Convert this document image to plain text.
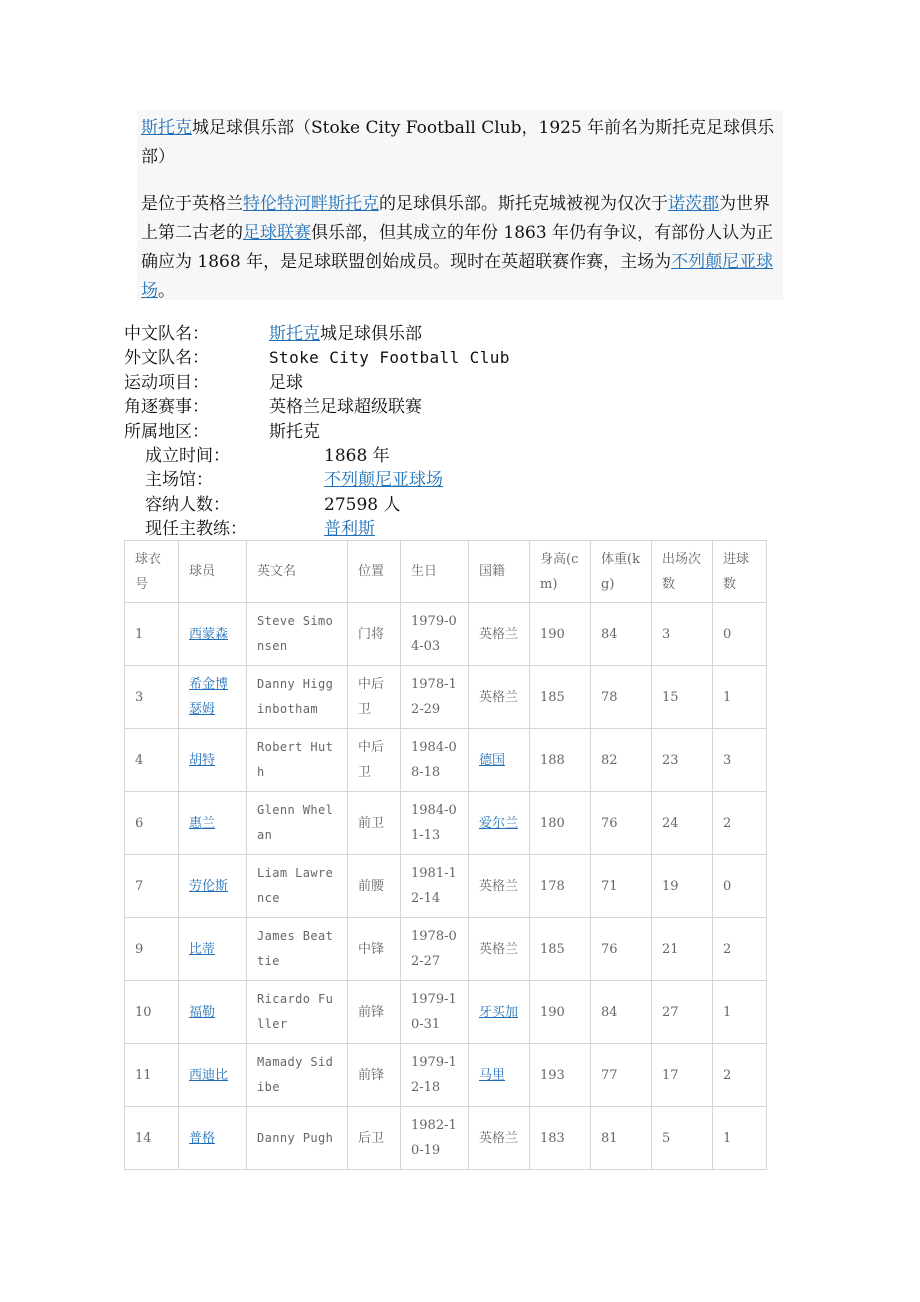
斯托克城足球俱乐部（Stoke City Football Club，1925 年前名为斯托克足球俱乐部）
是位于英格兰特伦特河畔斯托克的足球俱乐部。斯托克城被视为仅次于诺茨郡为世界上第二古老的足球联赛俱乐部，但其成立的年份 1863 年仍有争议，有部份人认为正确应为 1868 年，是足球联盟创始成员。现时在英超联赛作赛，主场为不列颠尼亚球场。
中文队名：	斯托克城足球俱乐部
外文队名：	Stoke City Football Club
运动项目：	足球
角逐赛事：	英格兰足球超级联赛
所属地区：	斯托克
成立时间：	1868 年
主场馆：	不列颠尼亚球场
容纳人数：	27598 人
现任主教练：	普利斯
球衣号	球员	英文名	位置	生日	国籍	身高(cm)	体重(kg)	出场次数	进球数
1	西蒙森	Steve Simonsen	门将	1979-04-03	英格兰	190	84	3	0
3	希金博瑟姆	Danny Higginbotham	中后卫	1978-12-29	英格兰	185	78	15	1
4	胡特	Robert Huth	中后卫	1984-08-18	德国	188	82	23	3
6	惠兰	Glenn Whelan	前卫	1984-01-13	爱尔兰	180	76	24	2
7	劳伦斯	Liam Lawrence	前腰	1981-12-14	英格兰	178	71	19	0
9	比蒂	James Beattie	中锋	1978-02-27	英格兰	185	76	21	2
10	福勒	Ricardo Fuller	前锋	1979-10-31	牙买加	190	84	27	1
11	西迪比	Mamady Sidibe	前锋	1979-12-18	马里	193	77	17	2
14	普格	Danny Pugh	后卫	1982-10-19	英格兰	183	81	5	1
